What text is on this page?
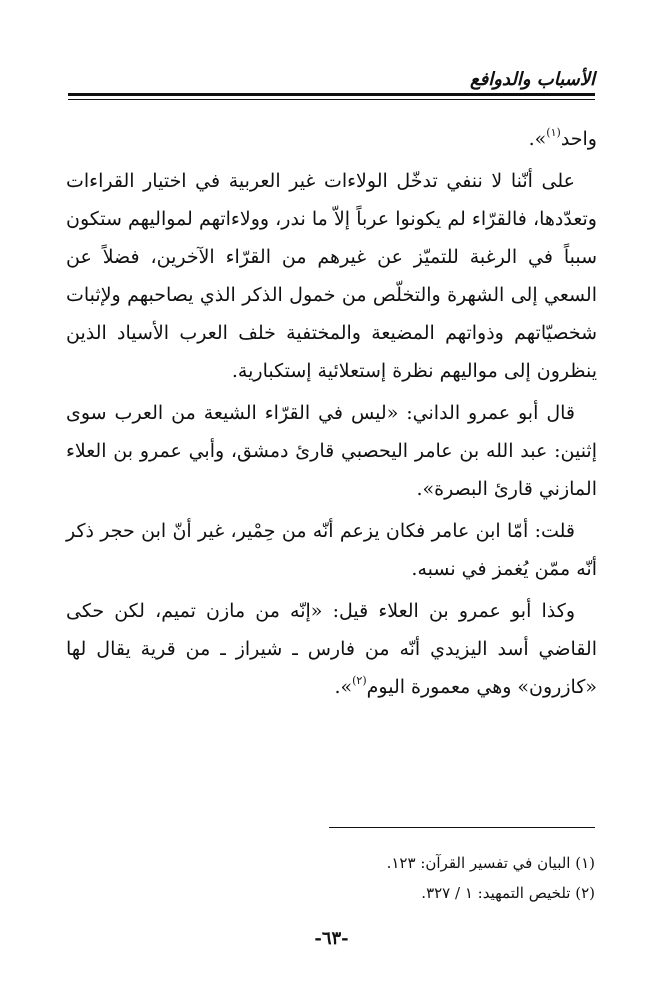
الأسباب والدوافع

واحد$^{(١)}$».

على أنّنا لا ننفي تدخّل الولاءات غير العربية في اختيار القراءات وتعدّدها، فالقرّاء لم يكونوا عرباً إلاّ ما ندر، وولاءاتهم لمواليهم ستكون سبباً في الرغبة للتميّز عن غيرهم من القرّاء الآخرين، فضلاً عن السعي إلى الشهرة والتخلّص من خمول الذكر الذي يصاحبهم ولإثبات شخصيّاتهم وذواتهم المضيعة والمختفية خلف العرب الأسياد الذين ينظرون إلى مواليهم نظرة إستعلائية إستكبارية.

قال أبو عمرو الداني: «ليس في القرّاء الشيعة من العرب سوى إثنين: عبد الله بن عامر اليحصبي قارئ دمشق، وأبي عمرو بن العلاء المازني قارئ البصرة».

قلت: أمّا ابن عامر فكان يزعم أنّه من حِمْير، غير أنّ ابن حجر ذكر أنّه ممّن يُغمز في نسبه.

وكذا أبو عمرو بن العلاء قيل: «إنّه من مازن تميم، لكن حكى القاضي أسد اليزيدي أنّه من فارس ـ شيراز ـ من قرية يقال لها «كازرون» وهي معمورة اليوم$^{(٢)}$».

(١) البيان في تفسير القرآن: ١٢٣.
(٢) تلخيص التمهيد: ١ / ٣٢٧.
-٦٣-
